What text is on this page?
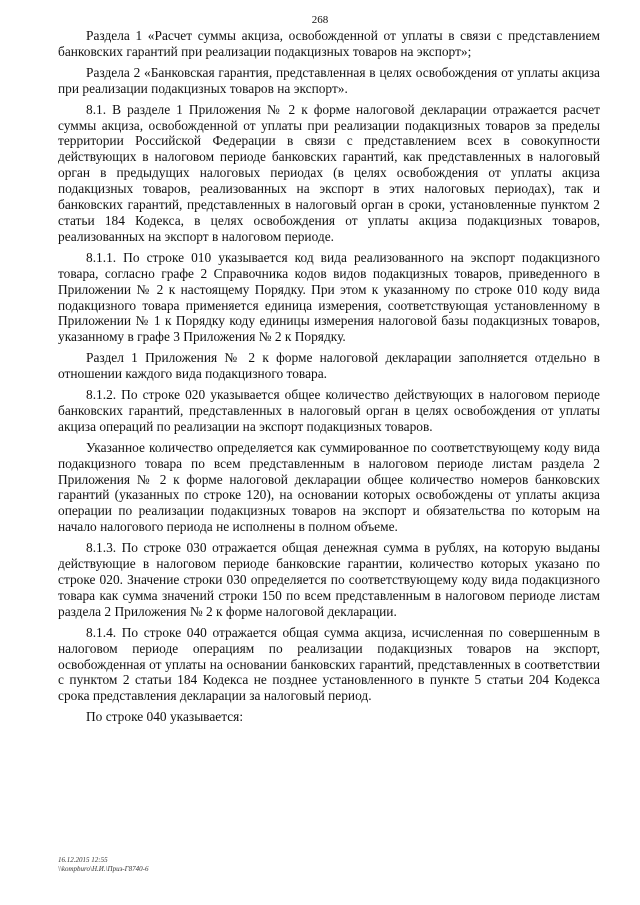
268

Раздела 1 «Расчет суммы акциза, освобожденной от уплаты в связи с представлением банковских гарантий при реализации подакцизных товаров на экспорт»;

Раздела 2 «Банковская гарантия, представленная в целях освобождения от уплаты акциза при реализации подакцизных товаров на экспорт».

8.1. В разделе 1 Приложения № 2 к форме налоговой декларации отражается расчет суммы акциза, освобожденной от уплаты при реализации подакцизных товаров за пределы территории Российской Федерации в связи с представлением всех в совокупности действующих в налоговом периоде банковских гарантий, как представленных в налоговый орган в предыдущих налоговых периодах (в целях освобождения от уплаты акциза подакцизных товаров, реализованных на экспорт в этих налоговых периодах), так и банковских гарантий, представленных в налоговый орган в сроки, установленные пунктом 2 статьи 184 Кодекса, в целях освобождения от уплаты акциза подакцизных товаров, реализованных на экспорт в налоговом периоде.

8.1.1. По строке 010 указывается код вида реализованного на экспорт подакцизного товара, согласно графе 2 Справочника кодов видов подакцизных товаров, приведенного в Приложении № 2 к настоящему Порядку. При этом к указанному по строке 010 коду вида подакцизного товара применяется единица измерения, соответствующая установленному в Приложении № 1 к Порядку коду единицы измерения налоговой базы подакцизных товаров, указанному в графе 3 Приложения № 2 к Порядку.

Раздел 1 Приложения № 2 к форме налоговой декларации заполняется отдельно в отношении каждого вида подакцизного товара.

8.1.2. По строке 020 указывается общее количество действующих в налоговом периоде банковских гарантий, представленных в налоговый орган в целях освобождения от уплаты акциза операций по реализации на экспорт подакцизных товаров.

Указанное количество определяется как суммированное по соответствующему коду вида подакцизного товара по всем представленным в налоговом периоде листам раздела 2 Приложения № 2 к форме налоговой декларации общее количество номеров банковских гарантий (указанных по строке 120), на основании которых освобождены от уплаты акциза операции по реализации подакцизных товаров на экспорт и обязательства по которым на начало налогового периода не исполнены в полном объеме.

8.1.3. По строке 030 отражается общая денежная сумма в рублях, на которую выданы действующие в налоговом периоде банковские гарантии, количество которых указано по строке 020. Значение строки 030 определяется по соответствующему коду вида подакцизного товара как сумма значений строки 150 по всем представленным в налоговом периоде листам раздела 2 Приложения № 2 к форме налоговой декларации.

8.1.4. По строке 040 отражается общая сумма акциза, исчисленная по совершенным в налоговом периоде операциям по реализации подакцизных товаров на экспорт, освобожденная от уплаты на основании банковских гарантий, представленных в соответствии с пунктом 2 статьи 184 Кодекса не позднее установленного в пункте 5 статьи 204 Кодекса срока представления декларации за налоговый период.

По строке 040 указывается:

16.12.2015 12:55
\\kompburo\Н.И.\Приз-Г8740-6
